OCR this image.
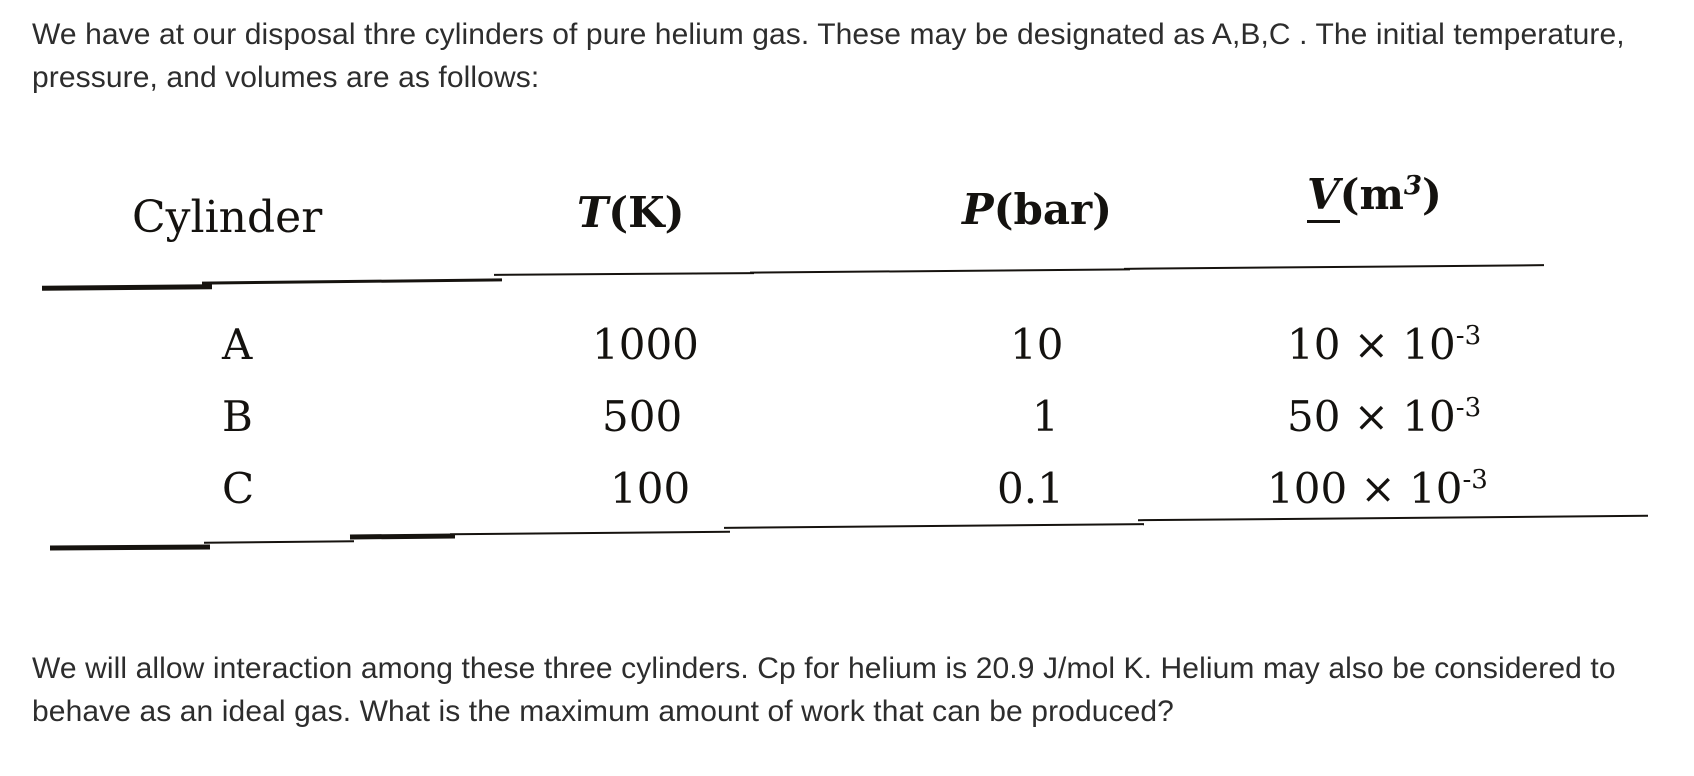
We have at our disposal thre cylinders of pure helium gas. These may be designated as A,B,C . The initial temperature, pressure, and volumes are as follows:

Cylinder	T(K)	P(bar)	$V(m^3)$
A	1000	10	$10 \times 10^{-3}$
B	500	1	$50 \times 10^{-3}$
C	100	0.1	$100 \times 10^{-3}$

We will allow interaction among these three cylinders. Cp for helium is 20.9 J/mol K. Helium may also be considered to behave as an ideal gas. What is the maximum amount of work that can be produced?
